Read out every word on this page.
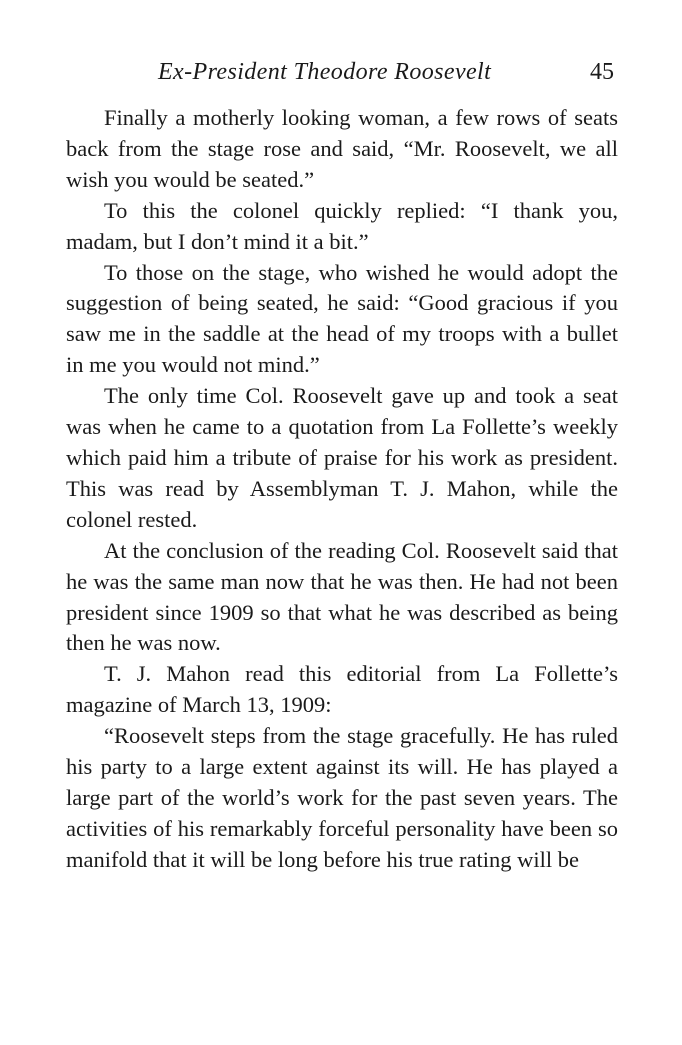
Ex-President Theodore Roosevelt	45

Finally a motherly looking woman, a few rows of seats back from the stage rose and said, “Mr. Roosevelt, we all wish you would be seated.”

To this the colonel quickly replied: “I thank you, madam, but I don’t mind it a bit.”

To those on the stage, who wished he would adopt the suggestion of being seated, he said: “Good gracious if you saw me in the saddle at the head of my troops with a bullet in me you would not mind.”

The only time Col. Roosevelt gave up and took a seat was when he came to a quotation from La Follette’s weekly which paid him a tribute of praise for his work as president. This was read by Assemblyman T. J. Mahon, while the colonel rested.

At the conclusion of the reading Col. Roosevelt said that he was the same man now that he was then. He had not been president since 1909 so that what he was described as being then he was now.

T. J. Mahon read this editorial from La Follette’s magazine of March 13, 1909:

“Roosevelt steps from the stage gracefully. He has ruled his party to a large extent against its will. He has played a large part of the world’s work for the past seven years. The activities of his remarkably forceful personality have been so manifold that it will be long before his true rating will be
